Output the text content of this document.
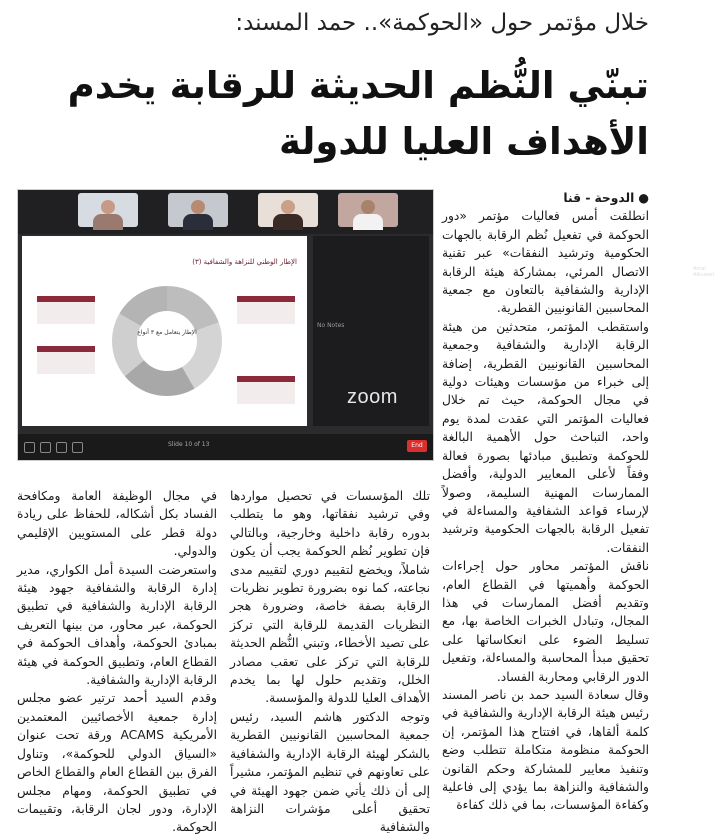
خلال مؤتمر حول «الحوكمة».. حمد المسند:
تبنّي النُّظم الحديثة للرقابة يخدم
الأهداف العليا للدولة
الإطار الوطني للنزاهة والشفافية (٣)
الإطار يتعامل مع ٣ أنواع
Amal Alkuwari
No Notes
zoom
Slide 10 of 13	End

● الدوحة - قنا

انطلقت أمس فعاليات مؤتمر «دور الحوكمة في تفعيل نُظم الرقابة بالجهات الحكومية وترشيد النفقات» عبر تقنية الاتصال المرئي، بمشاركة هيئة الرقابة الإدارية والشفافية بالتعاون مع جمعية المحاسبين القانونيين القطرية.

واستقطب المؤتمر، متحدثين من هيئة الرقابة الإدارية والشفافية وجمعية المحاسبين القانونيين القطرية، إضافة إلى خبراء من مؤسسات وهيئات دولية في مجال الحوكمة، حيث تم خلال فعاليات المؤتمر التي عقدت لمدة يوم واحد، التباحث حول الأهمية البالغة للحوكمة وتطبيق مبادئها بصورة فعالة وفقاً لأعلى المعايير الدولية، وأفضل الممارسات المهنية السليمة، وصولاً لإرساء قواعد الشفافية والمساءلة في تفعيل الرقابة بالجهات الحكومية وترشيد النفقات.

ناقش المؤتمر محاور حول إجراءات الحوكمة وأهميتها في القطاع العام، وتقديم أفضل الممارسات في هذا المجال، وتبادل الخبرات الخاصة بها، مع تسليط الضوء على انعكاساتها على تحقيق مبدأ المحاسبة والمساءلة، وتفعيل الدور الرقابي ومحاربة الفساد.

وقال سعادة السيد حمد بن ناصر المسند رئيس هيئة الرقابة الإدارية والشفافية في كلمة ألقاها، في افتتاح هذا المؤتمر، إن الحوكمة منظومة متكاملة تتطلب وضع وتنفيذ معايير للمشاركة وحكم القانون والشفافية والنزاهة بما يؤدي إلى فاعلية وكفاءة المؤسسات، بما في ذلك كفاءة

تلك المؤسسات في تحصيل مواردها وفي ترشيد نفقاتها، وهو ما يتطلب بدوره رقابة داخلية وخارجية، وبالتالي فإن تطوير نُظم الحوكمة يجب أن يكون شاملاً، ويخضع لتقييم دوري لتقييم مدى نجاعته، كما نوه بضرورة تطوير نظريات الرقابة بصفة خاصة، وضرورة هجر النظريات القديمة للرقابة التي تركز على تصيد الأخطاء، وتبني النُّظم الحديثة للرقابة التي تركز على تعقب مصادر الخلل، وتقديم حلول لها بما يخدم الأهداف العليا للدولة والمؤسسة.

وتوجه الدكتور هاشم السيد، رئيس جمعية المحاسبين القانونيين القطرية بالشكر لهيئة الرقابة الإدارية والشفافية على تعاونهم في تنظيم المؤتمر، مشيراً إلى أن ذلك يأتي ضمن جهود الهيئة في تحقيق أعلى مؤشرات النزاهة والشفافية

في مجال الوظيفة العامة ومكافحة الفساد بكل أشكاله، للحفاظ على ريادة دولة قطر على المستويين الإقليمي والدولي.

واستعرضت السيدة أمل الكواري، مدير إدارة الرقابة والشفافية جهود هيئة الرقابة الإدارية والشفافية في تطبيق الحوكمة، عبر محاور، من بينها التعريف بمبادئ الحوكمة، وأهداف الحوكمة في القطاع العام، وتطبيق الحوكمة في هيئة الرقابة الإدارية والشفافية.

وقدم السيد أحمد ترتير عضو مجلس إدارة جمعية الأخصائيين المعتمدين الأمريكية ACAMS ورقة تحت عنوان «السياق الدولي للحوكمة»، وتناول الفرق بين القطاع العام والقطاع الخاص في تطبيق الحوكمة، ومهام مجلس الإدارة، ودور لجان الرقابة، وتقييمات الحوكمة.
